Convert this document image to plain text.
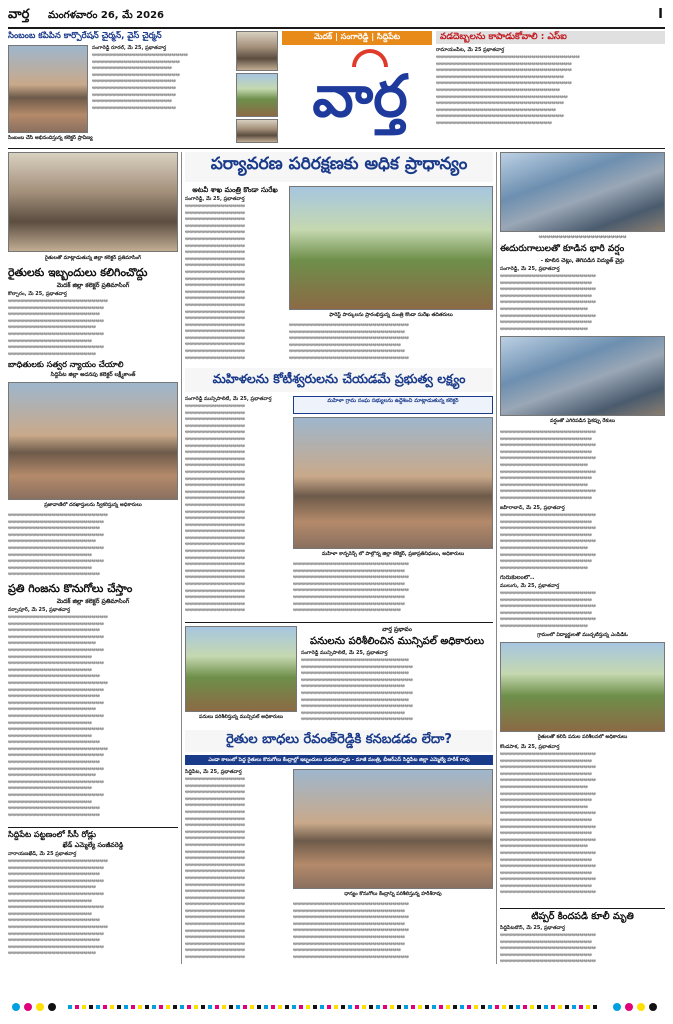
వార్త మంగళవారం 26, మే 2026	I
సింబంబ కపిపిన కార్పొరేషన్ చైర్మన్, వైస్ చైర్మన్
సంగారెడ్డి రూరల్, మే 25, ప్రభాతవార్త
ఆఆఆఆఆఆఆఆఆఆఆఆఆఆఆఆఆఆఆఆఆఆఆఆ ఆఆఆఆఆఆఆఆఆఆఆఆఆఆఆఆఆఆఆఆఆఆ ఆఆఆఆఆఆఆఆఆఆఆఆఆఆఆఆఆఆఆఆ ఆఆఆఆఆఆఆఆఆఆఆఆఆఆఆఆఆఆఆఆఆఆ ఆఆఆఆఆఆఆఆఆఆఆఆఆఆఆఆఆఆఆఆఆ ఆఆఆఆఆఆఆఆఆఆఆఆఆఆఆఆఆఆఆఆఆ ఆఆఆఆఆఆఆఆఆఆఆఆఆఆఆఆఆఆఆఆఆ ఆఆఆఆఆఆఆఆఆఆఆఆఆఆఆఆఆఆఆఆ ఆఆఆఆఆఆఆఆఆఆఆఆఆఆఆఆఆఆఆఆఆ
సింబంబ చేసి అభినందిస్తున్న కలెక్టర్ ప్రావీణ్య
మెదక్ | సంగారెడ్డి | సిద్దిపేట
వార్త
వడదెబ్బలను కాపాడుకోవాలి : ఎస్ఐ
రామాయంపేట, మే 25 ప్రభాతవార్త
ఆఆఆఆఆఆఆఆఆఆఆఆఆఆఆఆఆఆఆఆఆఆఆఆఆఆఆఆఆఆఆఆఆఆఆఆ ఆఆఆఆఆఆఆఆఆఆఆఆఆఆఆఆఆఆఆఆఆఆఆఆఆఆఆఆఆఆఆఆఆఆ ఆఆఆఆఆఆఆఆఆఆఆఆఆఆఆఆఆఆఆఆఆఆఆఆఆఆఆఆఆఆఆఆఆఆ ఆఆఆఆఆఆఆఆఆఆఆఆఆఆఆఆఆఆఆఆఆఆఆఆఆఆఆఆఆఆఆఆ ఆఆఆఆఆఆఆఆఆఆఆఆఆఆఆఆఆఆఆఆఆఆఆఆఆఆఆఆఆఆఆఆఆఆ ఆఆఆఆఆఆఆఆఆఆఆఆఆఆఆఆఆఆఆఆఆఆఆఆఆఆఆఆఆఆఆ ఆఆఆఆఆఆఆఆఆఆఆఆఆఆఆఆఆఆఆఆఆఆఆఆఆఆఆఆఆఆఆఆఆ ఆఆఆఆఆఆఆఆఆఆఆఆఆఆఆఆఆఆఆఆఆఆఆఆఆఆఆఆఆఆఆఆ ఆఆఆఆఆఆఆఆఆఆఆఆఆఆఆఆఆఆఆఆఆఆఆఆఆఆఆఆఆఆ ఆఆఆఆఆఆఆఆఆఆఆఆఆఆఆఆఆఆఆఆఆఆఆఆఆఆఆఆఆఆఆఆ ఆఆఆఆఆఆఆఆఆఆఆఆఆఆఆఆఆఆఆఆఆఆఆఆఆఆఆఆఆ
రైతులతో మాట్లాడుతున్న జిల్లా కలెక్టర్ ప్రతిమాసింగ్
రైతులకు ఇబ్బందులు కలిగించొద్దు
మెదక్ జిల్లా కలెక్టర్ ప్రతిమాసింగ్
కొల్చారం, మే 25, ప్రభాతవార్త
ఆఆఆఆఆఆఆఆఆఆఆఆఆఆఆఆఆఆఆఆఆఆఆఆఆ ఆఆఆఆఆఆఆఆఆఆఆఆఆఆఆఆఆఆఆఆఆఆఆఆ ఆఆఆఆఆఆఆఆఆఆఆఆఆఆఆఆఆఆఆఆఆఆఆ ఆఆఆఆఆఆఆఆఆఆఆఆఆఆఆఆఆఆఆఆఆఆఆఆ ఆఆఆఆఆఆఆఆఆఆఆఆఆఆఆఆఆఆఆఆఆఆ ఆఆఆఆఆఆఆఆఆఆఆఆఆఆఆఆఆఆఆఆఆఆఆఆ ఆఆఆఆఆఆఆఆఆఆఆఆఆఆఆఆఆఆఆఆఆ ఆఆఆఆఆఆఆఆఆఆఆఆఆఆఆఆఆఆఆఆఆఆఆఆ ఆఆఆఆఆఆఆఆఆఆఆఆఆఆఆఆఆఆఆఆఆఆ
బాధితులకు సత్వర న్యాయం చేయాలి
సిద్దిపేట జిల్లా అదనపు కలెక్టర్ లక్ష్మీకాంత్
ప్రజావాణిలో దరఖాస్తులను స్వీకరిస్తున్న అధికారులు
ఆఆఆఆఆఆఆఆఆఆఆఆఆఆఆఆఆఆఆఆఆఆఆఆఆ ఆఆఆఆఆఆఆఆఆఆఆఆఆఆఆఆఆఆఆఆఆఆఆఆ ఆఆఆఆఆఆఆఆఆఆఆఆఆఆఆఆఆఆఆఆఆఆఆ ఆఆఆఆఆఆఆఆఆఆఆఆఆఆఆఆఆఆఆఆఆఆఆఆ ఆఆఆఆఆఆఆఆఆఆఆఆఆఆఆఆఆఆఆఆఆఆ ఆఆఆఆఆఆఆఆఆఆఆఆఆఆఆఆఆఆఆఆఆఆఆఆ ఆఆఆఆఆఆఆఆఆఆఆఆఆఆఆఆఆఆఆఆఆ ఆఆఆఆఆఆఆఆఆఆఆఆఆఆఆఆఆఆఆఆఆఆఆఆ ఆఆఆఆఆఆఆఆఆఆఆఆఆఆఆఆఆఆఆఆఆ ఆఆఆఆఆఆఆఆఆఆఆఆఆఆఆఆఆఆఆఆఆఆఆ
ప్రతి గింజను కొనుగోలు చేస్తాం
మెదక్ జిల్లా కలెక్టర్ ప్రతిమాసింగ్
నర్సాపూర్, మే 25, ప్రభాతవార్త
ఆఆఆఆఆఆఆఆఆఆఆఆఆఆఆఆఆఆఆఆఆఆఆఆఆ ఆఆఆఆఆఆఆఆఆఆఆఆఆఆఆఆఆఆఆఆఆఆఆఆ ఆఆఆఆఆఆఆఆఆఆఆఆఆఆఆఆఆఆఆఆఆఆఆ ఆఆఆఆఆఆఆఆఆఆఆఆఆఆఆఆఆఆఆఆఆఆఆఆ ఆఆఆఆఆఆఆఆఆఆఆఆఆఆఆఆఆఆఆఆఆఆ ఆఆఆఆఆఆఆఆఆఆఆఆఆఆఆఆఆఆఆఆఆఆఆఆ ఆఆఆఆఆఆఆఆఆఆఆఆఆఆఆఆఆఆఆఆఆ ఆఆఆఆఆఆఆఆఆఆఆఆఆఆఆఆఆఆఆఆఆఆఆఆ ఆఆఆఆఆఆఆఆఆఆఆఆఆఆఆఆఆఆఆఆఆ ఆఆఆఆఆఆఆఆఆఆఆఆఆఆఆఆఆఆఆఆఆఆఆ ఆఆఆఆఆఆఆఆఆఆఆఆఆఆఆఆఆఆఆఆఆఆఆఆఆ ఆఆఆఆఆఆఆఆఆఆఆఆఆఆఆఆఆఆఆఆఆఆఆఆ ఆఆఆఆఆఆఆఆఆఆఆఆఆఆఆఆఆఆఆఆఆఆఆ ఆఆఆఆఆఆఆఆఆఆఆఆఆఆఆఆఆఆఆఆఆఆఆఆ ఆఆఆఆఆఆఆఆఆఆఆఆఆఆఆఆఆఆఆఆఆఆ ఆఆఆఆఆఆఆఆఆఆఆఆఆఆఆఆఆఆఆఆఆఆఆఆ ఆఆఆఆఆఆఆఆఆఆఆఆఆఆఆఆఆఆఆఆఆ ఆఆఆఆఆఆఆఆఆఆఆఆఆఆఆఆఆఆఆఆఆఆఆఆ ఆఆఆఆఆఆఆఆఆఆఆఆఆఆఆఆఆఆఆఆఆ ఆఆఆఆఆఆఆఆఆఆఆఆఆఆఆఆఆఆఆఆఆఆఆ ఆఆఆఆఆఆఆఆఆఆఆఆఆఆఆఆఆఆఆఆఆఆఆఆఆ ఆఆఆఆఆఆఆఆఆఆఆఆఆఆఆఆఆఆఆఆఆఆఆఆ ఆఆఆఆఆఆఆఆఆఆఆఆఆఆఆఆఆఆఆఆఆఆఆ ఆఆఆఆఆఆఆఆఆఆఆఆఆఆఆఆఆఆఆఆఆఆఆఆ ఆఆఆఆఆఆఆఆఆఆఆఆఆఆఆఆఆఆఆఆఆఆ ఆఆఆఆఆఆఆఆఆఆఆఆఆఆఆఆఆఆఆఆఆఆఆఆ ఆఆఆఆఆఆఆఆఆఆఆఆఆఆఆఆఆఆఆఆఆ ఆఆఆఆఆఆఆఆఆఆఆఆఆఆఆఆఆఆఆఆఆఆఆఆ ఆఆఆఆఆఆఆఆఆఆఆఆఆఆఆఆఆఆఆఆఆ ఆఆఆఆఆఆఆఆఆఆఆఆఆఆఆఆఆఆఆఆఆఆఆ ఆఆఆఆఆఆఆఆఆఆఆఆఆఆఆఆఆఆఆఆఆఆఆ
సిద్దిపేట పట్టణంలో సీసీ రోడ్లు
ఖేడ్ ఎమ్మెల్యే సంజీవరెడ్డి
నారాయణఖేడ్, మే 25 ప్రభాతవార్త
ఆఆఆఆఆఆఆఆఆఆఆఆఆఆఆఆఆఆఆఆఆఆఆఆఆ ఆఆఆఆఆఆఆఆఆఆఆఆఆఆఆఆఆఆఆఆఆఆఆఆ ఆఆఆఆఆఆఆఆఆఆఆఆఆఆఆఆఆఆఆఆఆఆఆ ఆఆఆఆఆఆఆఆఆఆఆఆఆఆఆఆఆఆఆఆఆఆఆఆ ఆఆఆఆఆఆఆఆఆఆఆఆఆఆఆఆఆఆఆఆఆఆ ఆఆఆఆఆఆఆఆఆఆఆఆఆఆఆఆఆఆఆఆఆఆఆఆ ఆఆఆఆఆఆఆఆఆఆఆఆఆఆఆఆఆఆఆఆఆ ఆఆఆఆఆఆఆఆఆఆఆఆఆఆఆఆఆఆఆఆఆఆఆఆ ఆఆఆఆఆఆఆఆఆఆఆఆఆఆఆఆఆఆఆఆఆ ఆఆఆఆఆఆఆఆఆఆఆఆఆఆఆఆఆఆఆఆఆఆఆ ఆఆఆఆఆఆఆఆఆఆఆఆఆఆఆఆఆఆఆఆఆఆఆఆఆ ఆఆఆఆఆఆఆఆఆఆఆఆఆఆఆఆఆఆఆఆఆఆఆఆ ఆఆఆఆఆఆఆఆఆఆఆఆఆఆఆఆఆఆఆఆఆఆఆ ఆఆఆఆఆఆఆఆఆఆఆఆఆఆఆఆఆఆఆఆఆఆఆఆ ఆఆఆఆఆఆఆఆఆఆఆఆఆఆఆఆఆఆఆఆఆఆ
పర్యావరణ పరిరక్షణకు అధిక ప్రాధాన్యం
అటవీ శాఖ మంత్రి కొండా సురేఖ
సంగారెడ్డి, మే 25, ప్రభాతవార్త
ఆఆఆఆఆఆఆఆఆఆఆఆఆఆఆ ఆఆఆఆఆఆఆఆఆఆఆఆఆఆఆ ఆఆఆఆఆఆఆఆఆఆఆఆఆఆఆ ఆఆఆఆఆఆఆఆఆఆఆఆఆఆఆ ఆఆఆఆఆఆఆఆఆఆఆఆఆఆఆ ఆఆఆఆఆఆఆఆఆఆఆఆఆఆఆ ఆఆఆఆఆఆఆఆఆఆఆఆఆఆఆ ఆఆఆఆఆఆఆఆఆఆఆఆఆఆఆ ఆఆఆఆఆఆఆఆఆఆఆఆఆఆఆ ఆఆఆఆఆఆఆఆఆఆఆఆఆఆఆ ఆఆఆఆఆఆఆఆఆఆఆఆఆఆఆ ఆఆఆఆఆఆఆఆఆఆఆఆఆఆఆ ఆఆఆఆఆఆఆఆఆఆఆఆఆఆఆ ఆఆఆఆఆఆఆఆఆఆఆఆఆఆఆ ఆఆఆఆఆఆఆఆఆఆఆఆఆఆఆ ఆఆఆఆఆఆఆఆఆఆఆఆఆఆఆ ఆఆఆఆఆఆఆఆఆఆఆఆఆఆఆ ఆఆఆఆఆఆఆఆఆఆఆఆఆఆఆ ఆఆఆఆఆఆఆఆఆఆఆఆఆఆఆ ఆఆఆఆఆఆఆఆఆఆఆఆఆఆఆ ఆఆఆఆఆఆఆఆఆఆఆఆఆఆఆ ఆఆఆఆఆఆఆఆఆఆఆఆఆఆఆ ఆఆఆఆఆఆఆఆఆఆఆఆఆఆఆ ఆఆఆఆఆఆఆఆఆఆఆఆఆఆఆ
ఫారెస్ట్ పార్కులను ప్రారంభిస్తున్న మంత్రి కొండా సురేఖ తదితరులు
ఆఆఆఆఆఆఆఆఆఆఆఆఆఆఆఆఆఆఆఆఆఆఆఆఆఆఆఆఆఆ ఆఆఆఆఆఆఆఆఆఆఆఆఆఆఆఆఆఆఆఆఆఆఆఆఆఆఆఆఆ ఆఆఆఆఆఆఆఆఆఆఆఆఆఆఆఆఆఆఆఆఆఆఆఆఆఆఆఆఆఆ ఆఆఆఆఆఆఆఆఆఆఆఆఆఆఆఆఆఆఆఆఆఆఆఆఆఆఆఆ ఆఆఆఆఆఆఆఆఆఆఆఆఆఆఆఆఆఆఆఆఆఆఆఆఆఆఆఆఆ ఆఆఆఆఆఆఆఆఆఆఆఆఆఆఆఆఆఆఆఆఆఆఆఆఆఆఆఆఆఆ
మహిళలను కోటీశ్వరులను చేయడమే ప్రభుత్వ లక్ష్యం
సంగారెడ్డి మున్సిపాలిటీ, మే 25, ప్రభాతవార్త
ఆఆఆఆఆఆఆఆఆఆఆఆఆఆఆ ఆఆఆఆఆఆఆఆఆఆఆఆఆఆఆ ఆఆఆఆఆఆఆఆఆఆఆఆఆఆఆ ఆఆఆఆఆఆఆఆఆఆఆఆఆఆఆ ఆఆఆఆఆఆఆఆఆఆఆఆఆఆఆ ఆఆఆఆఆఆఆఆఆఆఆఆఆఆఆ ఆఆఆఆఆఆఆఆఆఆఆఆఆఆఆ ఆఆఆఆఆఆఆఆఆఆఆఆఆఆఆ ఆఆఆఆఆఆఆఆఆఆఆఆఆఆఆ ఆఆఆఆఆఆఆఆఆఆఆఆఆఆఆ ఆఆఆఆఆఆఆఆఆఆఆఆఆఆఆ ఆఆఆఆఆఆఆఆఆఆఆఆఆఆఆ ఆఆఆఆఆఆఆఆఆఆఆఆఆఆఆ ఆఆఆఆఆఆఆఆఆఆఆఆఆఆఆ ఆఆఆఆఆఆఆఆఆఆఆఆఆఆఆ ఆఆఆఆఆఆఆఆఆఆఆఆఆఆఆ ఆఆఆఆఆఆఆఆఆఆఆఆఆఆఆ ఆఆఆఆఆఆఆఆఆఆఆఆఆఆఆ ఆఆఆఆఆఆఆఆఆఆఆఆఆఆఆ ఆఆఆఆఆఆఆఆఆఆఆఆఆఆఆ ఆఆఆఆఆఆఆఆఆఆఆఆఆఆఆ ఆఆఆఆఆఆఆఆఆఆఆఆఆఆఆ ఆఆఆఆఆఆఆఆఆఆఆఆఆఆఆ ఆఆఆఆఆఆఆఆఆఆఆఆఆఆఆ ఆఆఆఆఆఆఆఆఆఆఆఆఆఆఆ ఆఆఆఆఆఆఆఆఆఆఆఆఆఆఆ ఆఆఆఆఆఆఆఆఆఆఆఆఆఆఆ ఆఆఆఆఆఆఆఆఆఆఆఆఆఆఆ ఆఆఆఆఆఆఆఆఆఆఆఆఆఆఆ ఆఆఆఆఆఆఆఆఆఆఆఆఆఆఆ ఆఆఆఆఆఆఆఆఆఆఆఆఆఆఆ ఆఆఆఆఆఆఆఆఆఆఆఆఆఆఆ
మహిళా గ్రామ సంఘ సభ్యులను ఉద్దేశించి మాట్లాడుతున్న కలెక్టర్
మహిళా కాన్ఫరెన్స్ లో పాల్గొన్న జిల్లా కలెక్టర్, ప్రజాప్రతినిధులు, అధికారులు
ఆఆఆఆఆఆఆఆఆఆఆఆఆఆఆఆఆఆఆఆఆఆఆఆఆఆఆఆఆ ఆఆఆఆఆఆఆఆఆఆఆఆఆఆఆఆఆఆఆఆఆఆఆఆఆఆఆఆ ఆఆఆఆఆఆఆఆఆఆఆఆఆఆఆఆఆఆఆఆఆఆఆఆఆఆఆఆఆ ఆఆఆఆఆఆఆఆఆఆఆఆఆఆఆఆఆఆఆఆఆఆఆఆఆఆఆఆ ఆఆఆఆఆఆఆఆఆఆఆఆఆఆఆఆఆఆఆఆఆఆఆఆఆఆఆఆఆ ఆఆఆఆఆఆఆఆఆఆఆఆఆఆఆఆఆఆఆఆఆఆఆఆఆఆఆఆ ఆఆఆఆఆఆఆఆఆఆఆఆఆఆఆఆఆఆఆఆఆఆఆఆఆఆఆఆ ఆఆఆఆఆఆఆఆఆఆఆఆఆఆఆఆఆఆఆఆఆఆఆఆఆఆఆ
పనులు పరిశీలిస్తున్న మున్సిపల్ అధికారులు
వార్త ప్రభావం
పనులను పరిశీలించిన మున్సిపల్ అధికారులు
సంగారెడ్డి మున్సిపాలిటీ, మే 25, ప్రభాతవార్త
ఆఆఆఆఆఆఆఆఆఆఆఆఆఆఆఆఆఆఆఆఆఆఆఆఆఆఆ ఆఆఆఆఆఆఆఆఆఆఆఆఆఆఆఆఆఆఆఆఆఆఆఆఆఆఆఆ ఆఆఆఆఆఆఆఆఆఆఆఆఆఆఆఆఆఆఆఆఆఆఆఆఆఆఆ ఆఆఆఆఆఆఆఆఆఆఆఆఆఆఆఆఆఆఆఆఆఆఆఆఆఆఆఆ ఆఆఆఆఆఆఆఆఆఆఆఆఆఆఆఆఆఆఆఆఆఆఆఆఆఆ ఆఆఆఆఆఆఆఆఆఆఆఆఆఆఆఆఆఆఆఆఆఆఆఆఆఆఆఆ ఆఆఆఆఆఆఆఆఆఆఆఆఆఆఆఆఆఆఆఆఆఆఆఆఆఆఆ ఆఆఆఆఆఆఆఆఆఆఆఆఆఆఆఆఆఆఆఆఆఆఆఆఆఆఆఆ ఆఆఆఆఆఆఆఆఆఆఆఆఆఆఆఆఆఆఆఆఆఆఆఆఆఆ ఆఆఆఆఆఆఆఆఆఆఆఆఆఆఆఆఆఆఆఆఆఆఆఆఆఆఆఆ
రైతుల బాధలు రేవంత్‌రెడ్డికి కనబడడం లేదా?
ఎండా కాలంలో పెద్ద రైతులు కొనుగోలు కేంద్రాల్లో ఇబ్బందులు పడుతున్నారు - మాజీ మంత్రి, బీఆర్ఎస్ సిద్దిపేట జిల్లా ఎమ్మెల్యే హరీశ్ రావు
సిద్దిపేట, మే 25, ప్రభాతవార్త
ఆఆఆఆఆఆఆఆఆఆఆఆఆఆఆ ఆఆఆఆఆఆఆఆఆఆఆఆఆఆఆ ఆఆఆఆఆఆఆఆఆఆఆఆఆఆఆ ఆఆఆఆఆఆఆఆఆఆఆఆఆఆఆ ఆఆఆఆఆఆఆఆఆఆఆఆఆఆఆ ఆఆఆఆఆఆఆఆఆఆఆఆఆఆఆ ఆఆఆఆఆఆఆఆఆఆఆఆఆఆఆ ఆఆఆఆఆఆఆఆఆఆఆఆఆఆఆ ఆఆఆఆఆఆఆఆఆఆఆఆఆఆఆ ఆఆఆఆఆఆఆఆఆఆఆఆఆఆఆ ఆఆఆఆఆఆఆఆఆఆఆఆఆఆఆ ఆఆఆఆఆఆఆఆఆఆఆఆఆఆఆ ఆఆఆఆఆఆఆఆఆఆఆఆఆఆఆ ఆఆఆఆఆఆఆఆఆఆఆఆఆఆఆ ఆఆఆఆఆఆఆఆఆఆఆఆఆఆఆ ఆఆఆఆఆఆఆఆఆఆఆఆఆఆఆ ఆఆఆఆఆఆఆఆఆఆఆఆఆఆఆ ఆఆఆఆఆఆఆఆఆఆఆఆఆఆఆ ఆఆఆఆఆఆఆఆఆఆఆఆఆఆఆ ఆఆఆఆఆఆఆఆఆఆఆఆఆఆఆ ఆఆఆఆఆఆఆఆఆఆఆఆఆఆఆ ఆఆఆఆఆఆఆఆఆఆఆఆఆఆఆ ఆఆఆఆఆఆఆఆఆఆఆఆఆఆఆ ఆఆఆఆఆఆఆఆఆఆఆఆఆఆఆ ఆఆఆఆఆఆఆఆఆఆఆఆఆఆఆ ఆఆఆఆఆఆఆఆఆఆఆఆఆఆఆ ఆఆఆఆఆఆఆఆఆఆఆఆఆఆఆ ఆఆఆఆఆఆఆఆఆఆఆఆఆఆఆ
ధాన్యం కొనుగోలు కేంద్రాన్ని పరిశీలిస్తున్న హరీశ్‌రావు
ఆఆఆఆఆఆఆఆఆఆఆఆఆఆఆఆఆఆఆఆఆఆఆఆఆఆఆఆఆ ఆఆఆఆఆఆఆఆఆఆఆఆఆఆఆఆఆఆఆఆఆఆఆఆఆఆఆఆ ఆఆఆఆఆఆఆఆఆఆఆఆఆఆఆఆఆఆఆఆఆఆఆఆఆఆఆఆఆ ఆఆఆఆఆఆఆఆఆఆఆఆఆఆఆఆఆఆఆఆఆఆఆఆఆఆఆఆ ఆఆఆఆఆఆఆఆఆఆఆఆఆఆఆఆఆఆఆఆఆఆఆఆఆఆఆఆఆ ఆఆఆఆఆఆఆఆఆఆఆఆఆఆఆఆఆఆఆఆఆఆఆఆఆఆఆఆ ఆఆఆఆఆఆఆఆఆఆఆఆఆఆఆఆఆఆఆఆఆఆఆఆఆఆఆఆ ఆఆఆఆఆఆఆఆఆఆఆఆఆఆఆఆఆఆఆఆఆఆఆఆఆఆఆ ఆఆఆఆఆఆఆఆఆఆఆఆఆఆఆఆఆఆఆఆఆఆఆఆఆఆఆఆఆ
ఆఆఆఆఆఆఆఆఆఆఆఆఆఆఆఆఆఆఆఆఆఆ
ఈదురుగాలులతో కూడిన భారీ వర్షం
- కూలిన చెట్లు, తెగిపడిన విద్యుత్ వైర్లు
సంగారెడ్డి, మే 25, ప్రభాతవార్త
ఆఆఆఆఆఆఆఆఆఆఆఆఆఆఆఆఆఆఆఆఆఆఆఆ ఆఆఆఆఆఆఆఆఆఆఆఆఆఆఆఆఆఆఆఆఆఆఆ ఆఆఆఆఆఆఆఆఆఆఆఆఆఆఆఆఆఆఆఆఆఆఆఆ ఆఆఆఆఆఆఆఆఆఆఆఆఆఆఆఆఆఆఆఆఆఆఆ ఆఆఆఆఆఆఆఆఆఆఆఆఆఆఆఆఆఆఆఆఆఆఆఆ ఆఆఆఆఆఆఆఆఆఆఆఆఆఆఆఆఆఆఆఆఆఆ ఆఆఆఆఆఆఆఆఆఆఆఆఆఆఆఆఆఆఆఆఆఆఆఆ ఆఆఆఆఆఆఆఆఆఆఆఆఆఆఆఆఆఆఆఆఆఆఆ ఆఆఆఆఆఆఆఆఆఆఆఆఆఆఆఆఆఆఆఆఆఆ
వర్షంతో ఎగిరిపడిన పైకప్పు రేకులు
ఆఆఆఆఆఆఆఆఆఆఆఆఆఆఆఆఆఆఆఆఆఆఆఆ ఆఆఆఆఆఆఆఆఆఆఆఆఆఆఆఆఆఆఆఆఆఆఆ ఆఆఆఆఆఆఆఆఆఆఆఆఆఆఆఆఆఆఆఆఆఆఆఆ ఆఆఆఆఆఆఆఆఆఆఆఆఆఆఆఆఆఆఆఆఆఆఆ ఆఆఆఆఆఆఆఆఆఆఆఆఆఆఆఆఆఆఆఆఆఆఆఆ ఆఆఆఆఆఆఆఆఆఆఆఆఆఆఆఆఆఆఆఆఆఆ ఆఆఆఆఆఆఆఆఆఆఆఆఆఆఆఆఆఆఆఆఆఆఆఆ ఆఆఆఆఆఆఆఆఆఆఆఆఆఆఆఆఆఆఆఆఆఆఆ ఆఆఆఆఆఆఆఆఆఆఆఆఆఆఆఆఆఆఆఆఆఆ ఆఆఆఆఆఆఆఆఆఆఆఆఆఆఆఆఆఆఆఆఆఆఆఆ ఆఆఆఆఆఆఆఆఆఆఆఆఆఆఆఆఆఆఆఆఆఆఆ
జహీరాబాద్, మే 25, ప్రభాతవార్త
ఆఆఆఆఆఆఆఆఆఆఆఆఆఆఆఆఆఆఆఆఆఆఆఆ ఆఆఆఆఆఆఆఆఆఆఆఆఆఆఆఆఆఆఆఆఆఆఆ ఆఆఆఆఆఆఆఆఆఆఆఆఆఆఆఆఆఆఆఆఆఆఆఆ ఆఆఆఆఆఆఆఆఆఆఆఆఆఆఆఆఆఆఆఆఆఆఆ ఆఆఆఆఆఆఆఆఆఆఆఆఆఆఆఆఆఆఆఆఆఆఆఆ ఆఆఆఆఆఆఆఆఆఆఆఆఆఆఆఆఆఆఆఆఆఆ ఆఆఆఆఆఆఆఆఆఆఆఆఆఆఆఆఆఆఆఆఆఆఆఆ ఆఆఆఆఆఆఆఆఆఆఆఆఆఆఆఆఆఆఆఆఆఆఆ ఆఆఆఆఆఆఆఆఆఆఆఆఆఆఆఆఆఆఆఆఆఆ
గురుకులంలో..
ములుగు, మే 25, ప్రభాతవార్త
ఆఆఆఆఆఆఆఆఆఆఆఆఆఆఆఆఆఆఆఆఆఆఆఆ ఆఆఆఆఆఆఆఆఆఆఆఆఆఆఆఆఆఆఆఆఆఆఆ ఆఆఆఆఆఆఆఆఆఆఆఆఆఆఆఆఆఆఆఆఆఆఆఆ ఆఆఆఆఆఆఆఆఆఆఆఆఆఆఆఆఆఆఆఆఆఆఆ ఆఆఆఆఆఆఆఆఆఆఆఆఆఆఆఆఆఆఆఆఆఆఆఆ ఆఆఆఆఆఆఆఆఆఆఆఆఆఆఆఆఆఆఆఆఆఆ
గ్రామంలో విద్యార్థులతో ముచ్చటిస్తున్న ఎంపీడీఓ
రైతులతో కలిసి పనుల పరిశీలనలో అధికారులు
కొండపాక, మే 25, ప్రభాతవార్త
ఆఆఆఆఆఆఆఆఆఆఆఆఆఆఆఆఆఆఆఆఆఆఆఆ ఆఆఆఆఆఆఆఆఆఆఆఆఆఆఆఆఆఆఆఆఆఆఆ ఆఆఆఆఆఆఆఆఆఆఆఆఆఆఆఆఆఆఆఆఆఆఆఆ ఆఆఆఆఆఆఆఆఆఆఆఆఆఆఆఆఆఆఆఆఆఆఆ ఆఆఆఆఆఆఆఆఆఆఆఆఆఆఆఆఆఆఆఆఆఆఆఆ ఆఆఆఆఆఆఆఆఆఆఆఆఆఆఆఆఆఆఆఆఆఆ ఆఆఆఆఆఆఆఆఆఆఆఆఆఆఆఆఆఆఆఆఆఆఆఆ ఆఆఆఆఆఆఆఆఆఆఆఆఆఆఆఆఆఆఆఆఆఆఆ ఆఆఆఆఆఆఆఆఆఆఆఆఆఆఆఆఆఆఆఆఆఆ ఆఆఆఆఆఆఆఆఆఆఆఆఆఆఆఆఆఆఆఆఆఆఆఆ ఆఆఆఆఆఆఆఆఆఆఆఆఆఆఆఆఆఆఆఆఆఆఆ ఆఆఆఆఆఆఆఆఆఆఆఆఆఆఆఆఆఆఆఆఆఆఆఆ ఆఆఆఆఆఆఆఆఆఆఆఆఆఆఆఆఆఆఆఆఆఆఆ ఆఆఆఆఆఆఆఆఆఆఆఆఆఆఆఆఆఆఆఆఆఆఆఆ ఆఆఆఆఆఆఆఆఆఆఆఆఆఆఆఆఆఆఆఆఆఆ ఆఆఆఆఆఆఆఆఆఆఆఆఆఆఆఆఆఆఆఆఆఆఆఆ ఆఆఆఆఆఆఆఆఆఆఆఆఆఆఆఆఆఆఆఆఆఆఆ ఆఆఆఆఆఆఆఆఆఆఆఆఆఆఆఆఆఆఆఆఆఆఆఆ ఆఆఆఆఆఆఆఆఆఆఆఆఆఆఆఆఆఆఆఆఆఆఆ ఆఆఆఆఆఆఆఆఆఆఆఆఆఆఆఆఆఆఆఆఆఆఆఆ ఆఆఆఆఆఆఆఆఆఆఆఆఆఆఆఆఆఆఆఆఆఆఆ ఆఆఆఆఆఆఆఆఆఆఆఆఆఆఆఆఆఆఆఆఆఆఆఆ
టిప్పర్ కిందపడి కూలీ మృతి
సిద్దిపేటటౌన్, మే 25, ప్రభాతవార్త
ఆఆఆఆఆఆఆఆఆఆఆఆఆఆఆఆఆఆఆఆఆఆఆఆ ఆఆఆఆఆఆఆఆఆఆఆఆఆఆఆఆఆఆఆఆఆఆఆ ఆఆఆఆఆఆఆఆఆఆఆఆఆఆఆఆఆఆఆఆఆఆఆఆ ఆఆఆఆఆఆఆఆఆఆఆఆఆఆఆఆఆఆఆఆఆఆఆ ఆఆఆఆఆఆఆఆఆఆఆఆఆఆఆఆఆఆఆఆఆఆఆఆ
